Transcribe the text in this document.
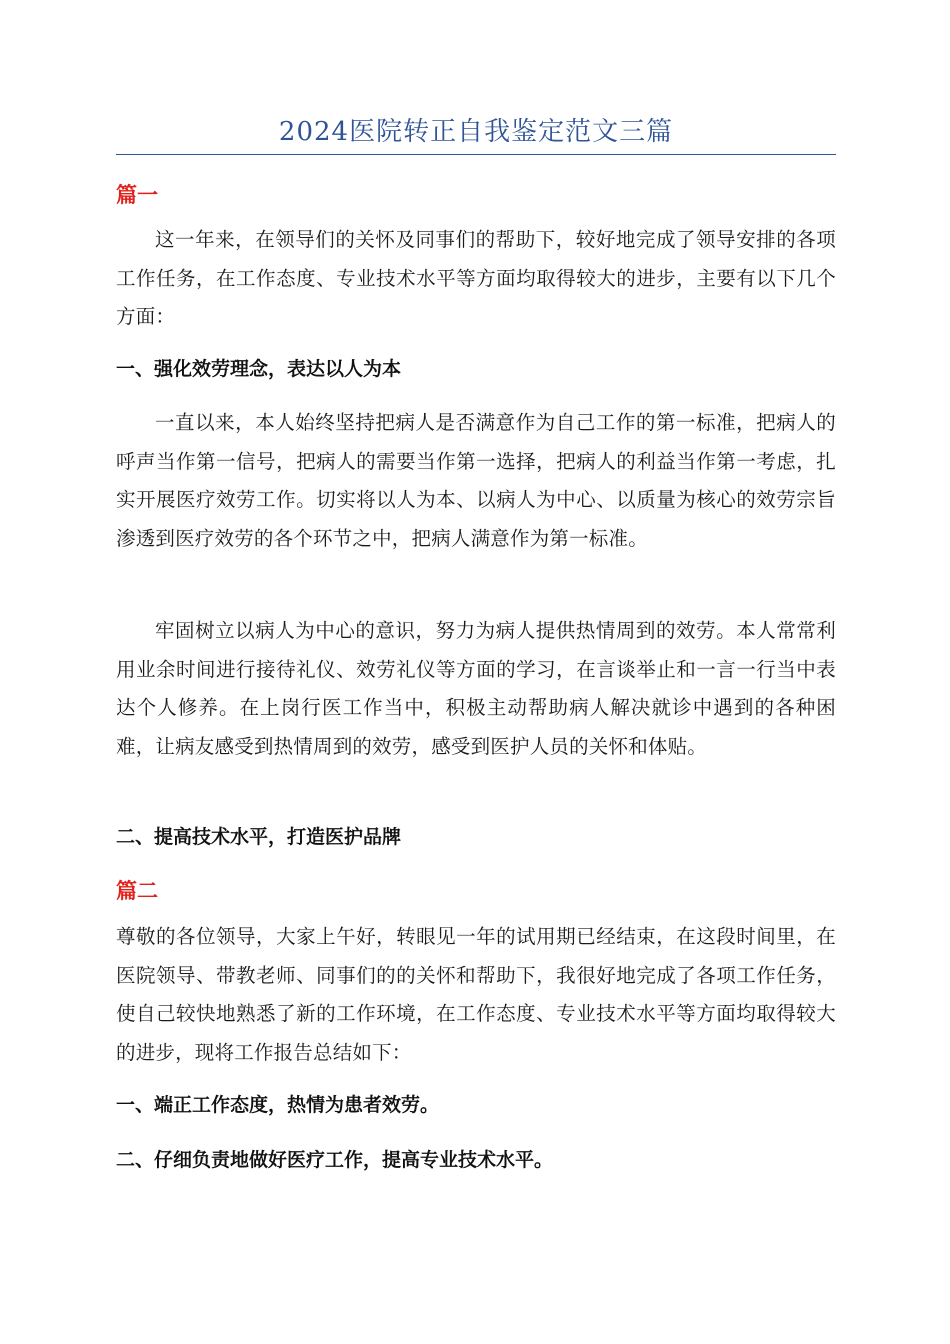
2024医院转正自我鉴定范文三篇
篇一
这一年来，在领导们的关怀及同事们的帮助下，较好地完成了领导安排的各项工作任务，在工作态度、专业技术水平等方面均取得较大的进步，主要有以下几个方面：
一、强化效劳理念，表达以人为本
一直以来，本人始终坚持把病人是否满意作为自己工作的第一标准，把病人的呼声当作第一信号，把病人的需要当作第一选择，把病人的利益当作第一考虑，扎实开展医疗效劳工作。切实将以人为本、以病人为中心、以质量为核心的效劳宗旨渗透到医疗效劳的各个环节之中，把病人满意作为第一标准。
牢固树立以病人为中心的意识，努力为病人提供热情周到的效劳。本人常常利用业余时间进行接待礼仪、效劳礼仪等方面的学习，在言谈举止和一言一行当中表达个人修养。在上岗行医工作当中，积极主动帮助病人解决就诊中遇到的各种困难，让病友感受到热情周到的效劳，感受到医护人员的关怀和体贴。
二、提高技术水平，打造医护品牌
篇二
尊敬的各位领导，大家上午好，转眼见一年的试用期已经结束，在这段时间里，在医院领导、带教老师、同事们的的关怀和帮助下，我很好地完成了各项工作任务，使自己较快地熟悉了新的工作环境，在工作态度、专业技术水平等方面均取得较大的进步，现将工作报告总结如下：
一、端正工作态度，热情为患者效劳。
二、仔细负责地做好医疗工作，提高专业技术水平。
